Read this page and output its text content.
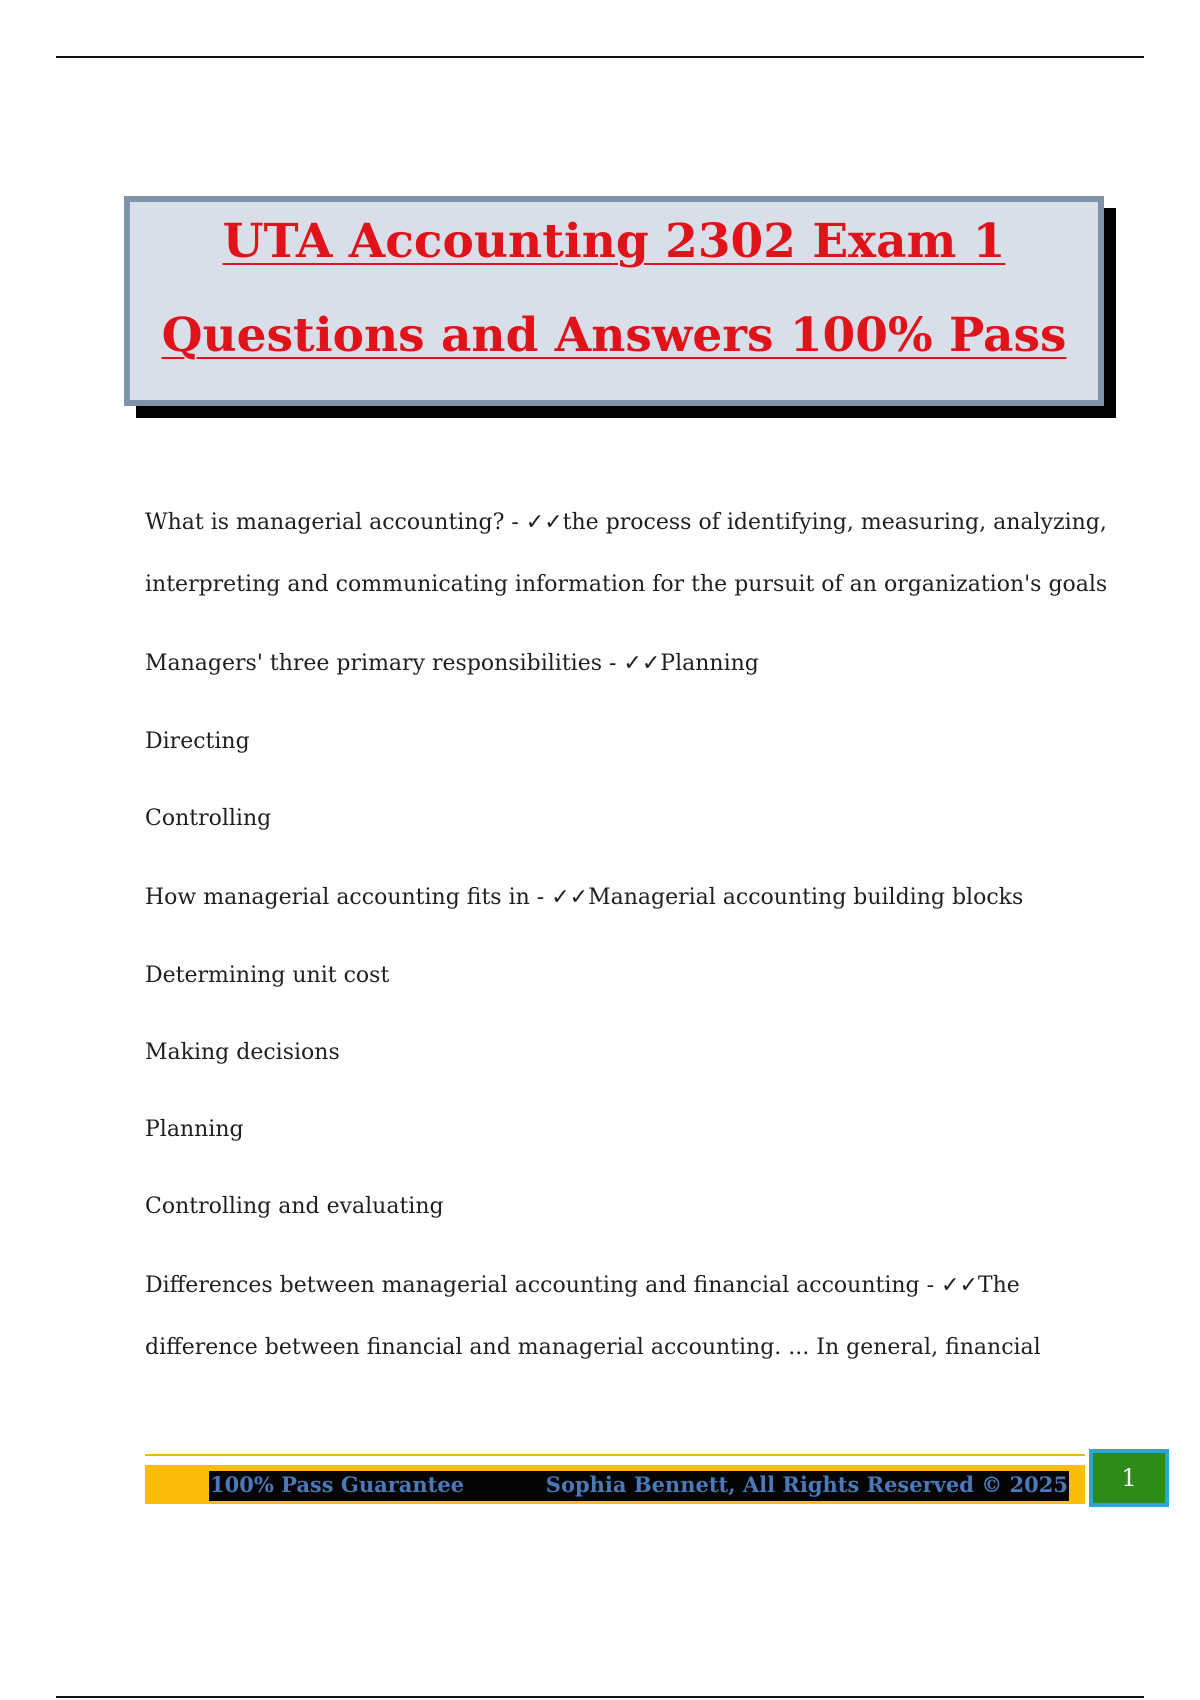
UTA Accounting 2302 Exam 1
Questions and Answers 100% Pass
What is managerial accounting? - ✓✓the process of identifying, measuring, analyzing,
interpreting and communicating information for the pursuit of an organization's goals
Managers' three primary responsibilities - ✓✓Planning
Directing
Controlling
How managerial accounting fits in - ✓✓Managerial accounting building blocks
Determining unit cost
Making decisions
Planning
Controlling and evaluating
Differences between managerial accounting and financial accounting - ✓✓The
difference between financial and managerial accounting. ... In general, financial
100% Pass Guarantee	Sophia Bennett, All Rights Reserved © 2025	1
